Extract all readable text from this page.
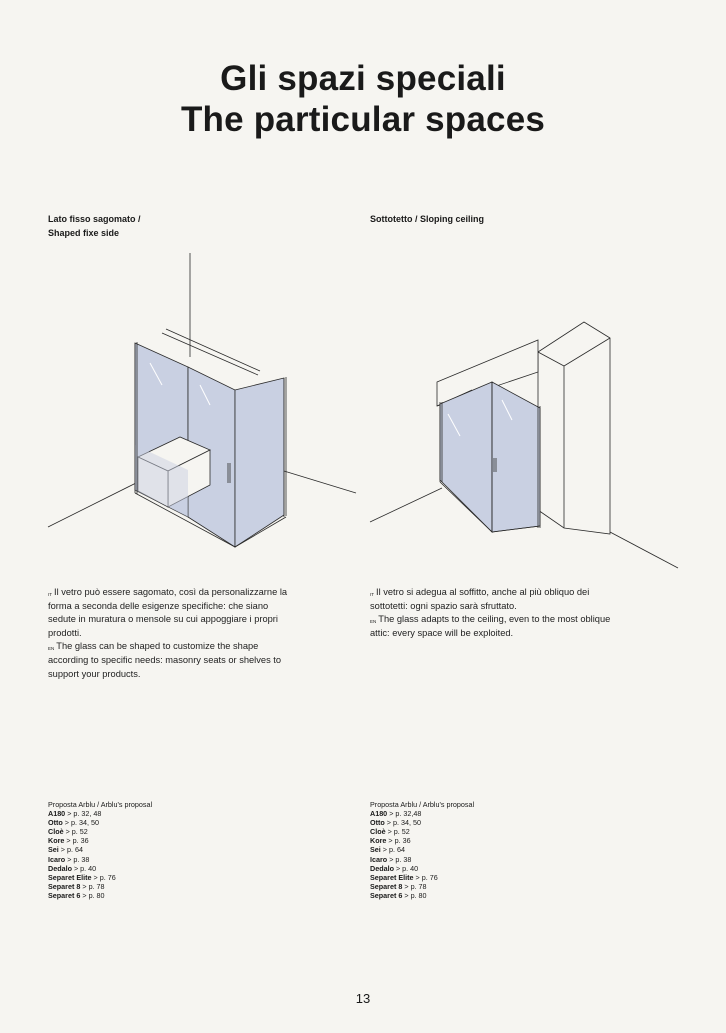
Gli spazi speciali
The particular spaces
Lato fisso sagomato /
Shaped fixe side
Sottotetto / Sloping ceiling

$^{IT}$ Il vetro può essere sagomato, così da personalizzarne la forma a seconda delle esigenze specifiche: che siano sedute in muratura o mensole su cui appoggiare i propri prodotti.

$^{EN}$ The glass can be shaped to customize the shape according to specific needs: masonry seats or shelves to support your products.

$^{IT}$ Il vetro si adegua al soffitto, anche al più obliquo dei sottotetti: ogni spazio sarà sfruttato.

$^{EN}$ The glass adapts to the ceiling, even to the most oblique attic: every space will be exploited.

Proposta Arblu / Arblu's proposal
A180 > p. 32, 48
Otto > p. 34, 50
Cloè > p. 52
Kore > p. 36
Sei > p. 64
Icaro > p. 38
Dedalo > p. 40
Separet Elite > p. 76
Separet 8 > p. 78
Separet 6 > p. 80
Proposta Arblu / Arblu's proposal
A180 > p. 32,48
Otto > p. 34, 50
Cloè > p. 52
Kore > p. 36
Sei > p. 64
Icaro > p. 38
Dedalo > p. 40
Separet Elite > p. 76
Separet 8 > p. 78
Separet 6 > p. 80
13
